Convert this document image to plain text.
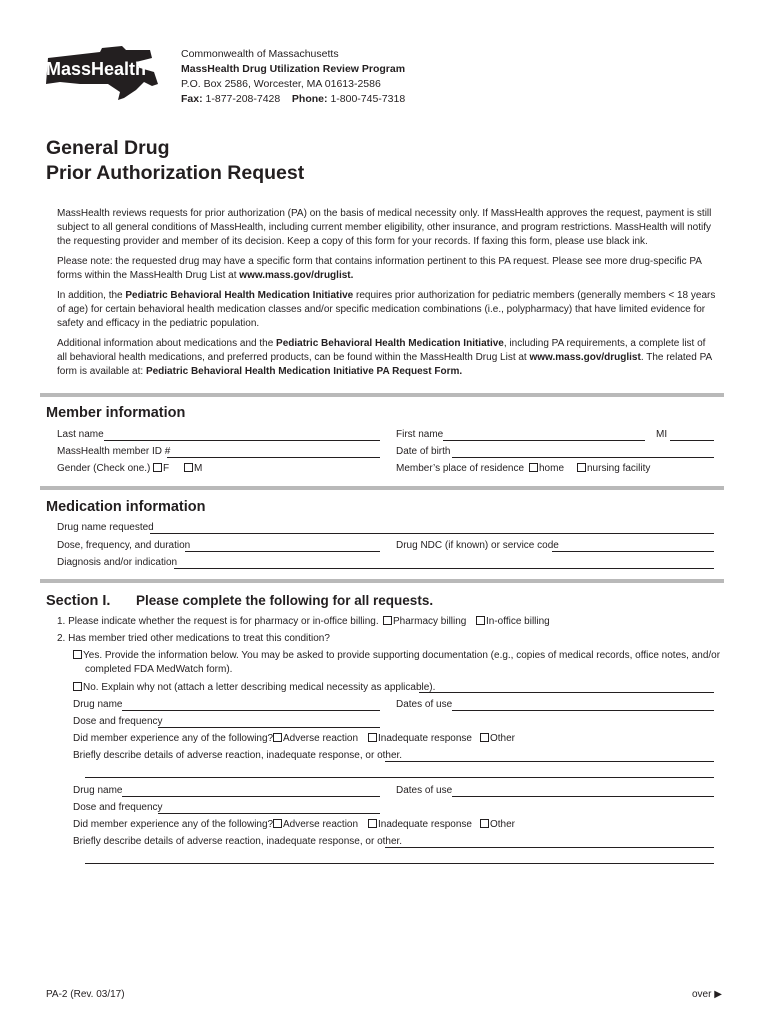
MassHealth
Commonwealth of Massachusetts
MassHealth Drug Utilization Review Program
P.O. Box 2586, Worcester, MA 01613-2586
Fax: 1-877-208-7428 Phone: 1-800-745-7318
General Drug
Prior Authorization Request

MassHealth reviews requests for prior authorization (PA) on the basis of medical necessity only. If MassHealth approves the request, payment is still subject to all general conditions of MassHealth, including current member eligibility, other insurance, and program restrictions. MassHealth will notify the requesting provider and member of its decision. Keep a copy of this form for your records. If faxing this form, please use black ink.

Please note: the requested drug may have a specific form that contains information pertinent to this PA request. Please see more drug-specific PA forms within the MassHealth Drug List at www.mass.gov/druglist.

In addition, the Pediatric Behavioral Health Medication Initiative requires prior authorization for pediatric members (generally members < 18 years of age) for certain behavioral health medication classes and/or specific medication combinations (i.e., polypharmacy) that have limited evidence for safety and efficacy in the pediatric population.

Additional information about medications and the Pediatric Behavioral Health Medication Initiative, including PA requirements, a complete list of all behavioral health medications, and preferred products, can be found within the MassHealth Drug List at www.mass.gov/druglist. The related PA form is available at: Pediatric Behavioral Health Medication Initiative PA Request Form.

Member information
Last name	First name	MI
MassHealth member ID #	Date of birth
Gender (Check one.)	F	M	Member’s place of residence	home	nursing facility
Medication information
Drug name requested
Dose, frequency, and duration	Drug NDC (if known) or service code
Diagnosis and/or indication
Section I. Please complete the following for all requests.
1. Please indicate whether the request is for pharmacy or in-office billing.	Pharmacy billing	In-office billing
2. Has member tried other medications to treat this condition?
Yes. Provide the information below. You may be asked to provide supporting documentation (e.g., copies of medical records, office notes, and/or
completed FDA MedWatch form).
No. Explain why not (attach a letter describing medical necessity as applicable).
Drug name	Dates of use
Dose and frequency
Did member experience any of the following? Adverse reaction	Inadequate response	Other
Briefly describe details of adverse reaction, inadequate response, or other.
Drug name	Dates of use
Dose and frequency
Did member experience any of the following? Adverse reaction	Inadequate response	Other
Briefly describe details of adverse reaction, inadequate response, or other.
PA-2 (Rev. 03/17)	over ▶
